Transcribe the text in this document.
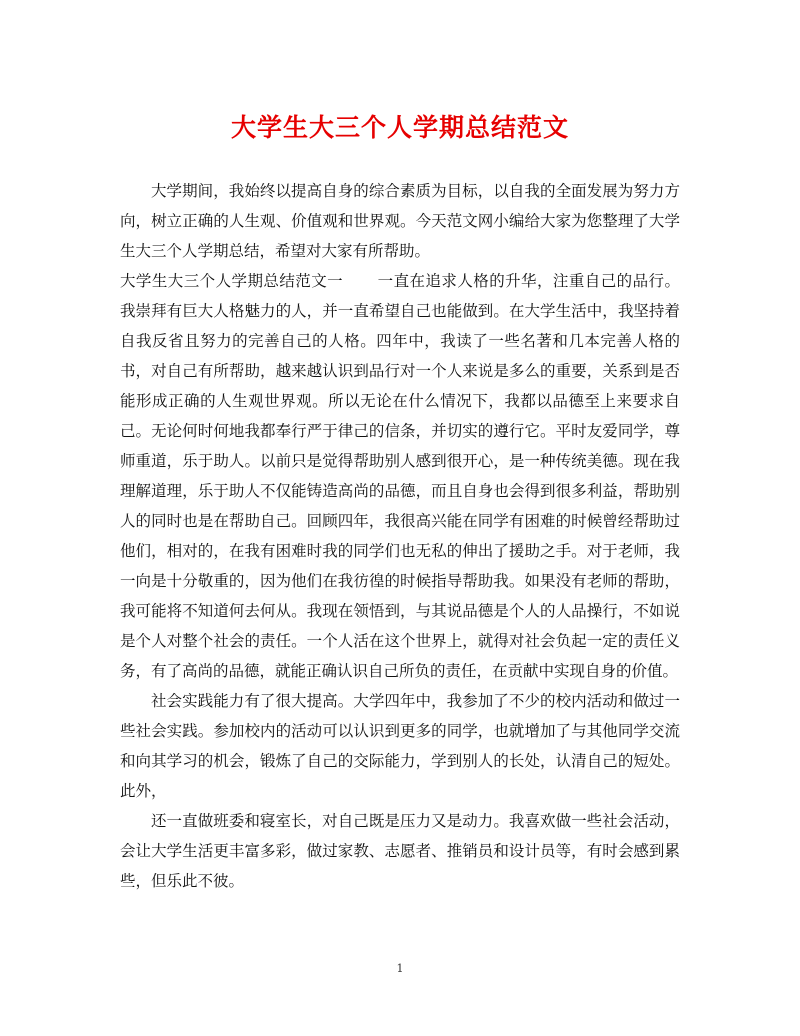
大学生大三个人学期总结范文

大学期间，我始终以提高自身的综合素质为目标，以自我的全面发展为努力方向，树立正确的人生观、价值观和世界观。今天范文网小编给大家为您整理了大学生大三个人学期总结，希望对大家有所帮助。

大学生大三个人学期总结范文一 一直在追求人格的升华，注重自己的品行。我崇拜有巨大人格魅力的人，并一直希望自己也能做到。在大学生活中，我坚持着自我反省且努力的完善自己的人格。四年中，我读了一些名著和几本完善人格的书，对自己有所帮助，越来越认识到品行对一个人来说是多么的重要，关系到是否能形成正确的人生观世界观。所以无论在什么情况下，我都以品德至上来要求自己。无论何时何地我都奉行严于律己的信条，并切实的遵行它。平时友爱同学，尊师重道，乐于助人。以前只是觉得帮助别人感到很开心，是一种传统美德。现在我理解道理，乐于助人不仅能铸造高尚的品德，而且自身也会得到很多利益，帮助别人的同时也是在帮助自己。回顾四年，我很高兴能在同学有困难的时候曾经帮助过他们，相对的，在我有困难时我的同学们也无私的伸出了援助之手。对于老师，我一向是十分敬重的，因为他们在我彷徨的时候指导帮助我。如果没有老师的帮助，我可能将不知道何去何从。我现在领悟到，与其说品德是个人的人品操行，不如说是个人对整个社会的责任。一个人活在这个世界上，就得对社会负起一定的责任义务，有了高尚的品德，就能正确认识自己所负的责任，在贡献中实现自身的价值。

社会实践能力有了很大提高。大学四年中，我参加了不少的校内活动和做过一些社会实践。参加校内的活动可以认识到更多的同学，也就增加了与其他同学交流和向其学习的机会，锻炼了自己的交际能力，学到别人的长处，认清自己的短处。此外，

还一直做班委和寝室长，对自己既是压力又是动力。我喜欢做一些社会活动，会让大学生活更丰富多彩，做过家教、志愿者、推销员和设计员等，有时会感到累些，但乐此不彼。

1
